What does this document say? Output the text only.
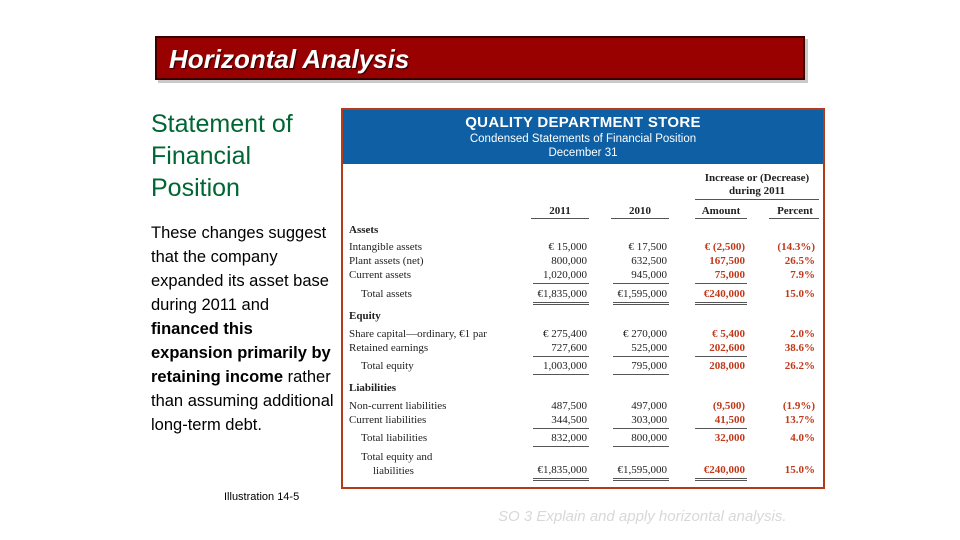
Horizontal Analysis
Statement of
Financial
Position
These changes suggest that the company expanded its asset base during 2011 and financed this expansion primarily by retaining income rather than assuming additional long-term debt.
Illustration 14-5
QUALITY DEPARTMENT STORE
Condensed Statements of Financial Position
December 31
Increase or (Decrease)
during 2011
2011	2010	Amount	Percent
Assets
Intangible assets	€ 15,000	€ 17,500	€ (2,500)	(14.3%)
Plant assets (net)	800,000	632,500	167,500	26.5%
Current assets	1,020,000	945,000	75,000	7.9%
Total assets	€1,835,000	€1,595,000	€240,000	15.0%
Equity
Share capital—ordinary, €1 par	€ 275,400	€ 270,000	€ 5,400	2.0%
Retained earnings	727,600	525,000	202,600	38.6%
Total equity	1,003,000	795,000	208,000	26.2%
Liabilities
Non-current liabilities	487,500	497,000	(9,500)	(1.9%)
Current liabilities	344,500	303,000	41,500	13.7%
Total liabilities	832,000	800,000	32,000	4.0%
Total equity and
liabilities	€1,835,000	€1,595,000	€240,000	15.0%
SO 3 Explain and apply horizontal analysis.
